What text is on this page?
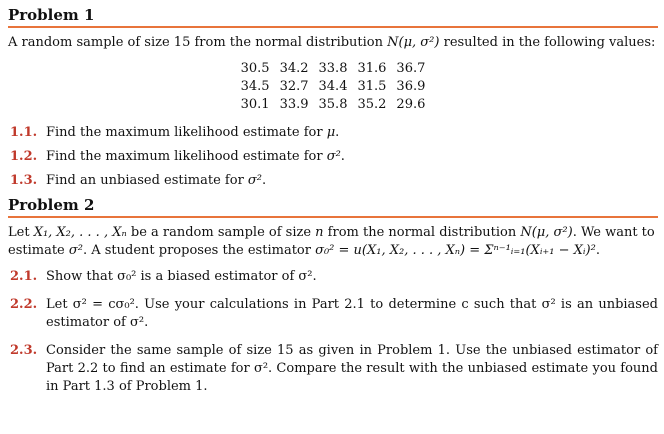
Problem 1

A random sample of size 15 from the normal distribution N(μ, σ²) resulted in the following values:

30.5	34.2	33.8	31.6	36.7
34.5	32.7	34.4	31.5	36.9
30.1	33.9	35.8	35.2	29.6
1.1. Find the maximum likelihood estimate for μ.
1.2. Find the maximum likelihood estimate for σ².
1.3. Find an unbiased estimate for σ².
Problem 2

Let X₁, X₂, . . . , Xₙ be a random sample of size n from the normal distribution N(μ, σ²). We want to
estimate σ². A student proposes the estimator σ₀² = u(X₁, X₂, . . . , Xₙ) = Σⁿ⁻¹ᵢ₌₁(Xᵢ₊₁ − Xᵢ)².

2.1. Show that σ₀² is a biased estimator of σ².
2.2. Let σ² = cσ₀². Use your calculations in Part 2.1 to determine c such that σ² is an unbiased estimator of σ².
2.3. Consider the same sample of size 15 as given in Problem 1. Use the unbiased estimator of Part 2.2 to find an estimate for σ². Compare the result with the unbiased estimate you found in Part 1.3 of Problem 1.
